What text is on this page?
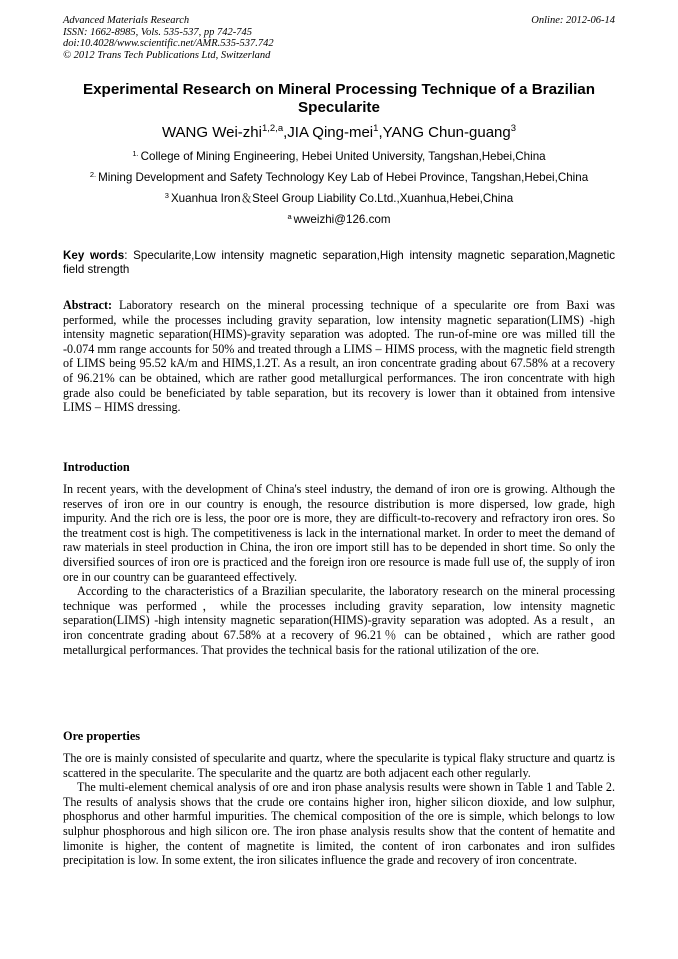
Advanced Materials Research
ISSN: 1662-8985, Vols. 535-537, pp 742-745
doi:10.4028/www.scientific.net/AMR.535-537.742
© 2012 Trans Tech Publications Ltd, Switzerland
Online: 2012-06-14
Experimental Research on Mineral Processing Technique of a Brazilian Specularite
WANG Wei-zhi$^{1,2,a}$,JIA Qing-mei$^1$,YANG Chun-guang$^3$
$^{1.}$ College of Mining Engineering, Hebei United University, Tangshan,Hebei,China
$^{2.}$ Mining Development and Safety Technology Key Lab of Hebei Province, Tangshan,Hebei,China
$^3$ Xuanhua Iron＆Steel Group Liability Co.Ltd.,Xuanhua,Hebei,China
$^a$ wweizhi@126.com
Key words: Specularite,Low intensity magnetic separation,High intensity magnetic separation,Magnetic field strength

Abstract: Laboratory research on the mineral processing technique of a specularite ore from Baxi was performed, while the processes including gravity separation, low intensity magnetic separation(LIMS) -high intensity magnetic separation(HIMS)-gravity separation was adopted. The run-of-mine ore was milled till the -0.074 mm range accounts for 50% and treated through a LIMS – HIMS process, with the magnetic field strength of LIMS being 95.52 kA/m and HIMS,1.2T. As a result, an iron concentrate grading about 67.58% at a recovery of 96.21% can be obtained, which are rather good metallurgical performances. The iron concentrate with high grade also could be beneficiated by table separation, but its recovery is lower than it obtained from intensive LIMS – HIMS dressing.

Introduction

In recent years, with the development of China's steel industry, the demand of iron ore is growing. Although the reserves of iron ore in our country is enough, the resource distribution is more dispersed, low grade, high impurity. And the rich ore is less, the poor ore is more, they are difficult-to-recovery and refractory iron ores. So the treatment cost is high. The competitiveness is lack in the international market. In order to meet the demand of raw materials in steel production in China, the iron ore import still has to be depended in short time. So only the diversified sources of iron ore is practiced and the foreign iron ore resource is made full use of, the supply of iron ore in our country can be guaranteed effectively.

According to the characteristics of a Brazilian specularite, the laboratory research on the mineral processing technique was performed，while the processes including gravity separation, low intensity magnetic separation(LIMS) -high intensity magnetic separation(HIMS)-gravity separation was adopted. As a result，an iron concentrate grading about 67.58% at a recovery of 96.21％ can be obtained，which are rather good metallurgical performances. That provides the technical basis for the rational utilization of the ore.

Ore properties

The ore is mainly consisted of specularite and quartz, where the specularite is typical flaky structure and quartz is scattered in the specularite. The specularite and the quartz are both adjacent each other regularly.

The multi-element chemical analysis of ore and iron phase analysis results were shown in Table 1 and Table 2. The results of analysis shows that the crude ore contains higher iron, higher silicon dioxide, and low sulphur, phosphorus and other harmful impurities. The chemical composition of the ore is simple, which belongs to low sulphur phosphorous and high silicon ore. The iron phase analysis results show that the content of hematite and limonite is higher, the content of magnetite is limited, the content of iron carbonates and iron sulfides precipitation is low. In some extent, the iron silicates influence the grade and recovery of iron concentrate.
